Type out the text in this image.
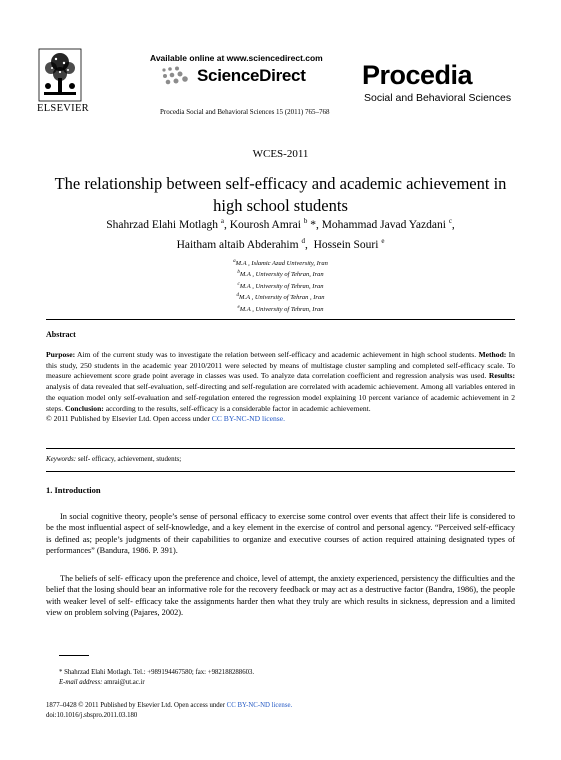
Available online at www.sciencedirect.com
ScienceDirect
ELSEVIER	Procedia Social and Behavioral Sciences 15 (2011) 765–768
Procedia
Social and Behavioral Sciences
WCES-2011
The relationship between self-efficacy and academic achievement in
high school students
Shahrzad Elahi Motlagh $^a$, Kourosh Amrai $^b$ *, Mohammad Javad Yazdani $^c$,
Haitham altaib Abderahim $^d$,  Hossein Souri $^e$
$^a$M.A , Islamic Azad University, Iran
$^b$M.A , University of Tehran, Iran
$^c$M.A , University of Tehran, Iran
$^d$M.A , University of Tehran , Iran
$^e$M.A , University of Tehran, Iran
Abstract
Purpose: Aim of the current study was to investigate the relation between self-efficacy and academic achievement in high school students. Method: In this study, 250 students in the academic year 2010/2011 were selected by means of multistage cluster sampling and completed self-efficacy scale. To measure achievement score grade point average in classes was used. To analyze data correlation coefficient and regression analysis was used. Results: analysis of data revealed that self-evaluation, self-directing and self-regulation are correlated with academic achievement. Among all variables entered in the equation model only self-evaluation and self-regulation entered the regression model explaining 10 percent variance of academic achievement in 2 steps. Conclusion: according to the results, self-efficacy is a considerable factor in academic achievement.
© 2011 Published by Elsevier Ltd. Open access under CC BY-NC-ND license.
Keywords: self- efficacy, achievement, students;
1. Introduction
In social cognitive theory, people’s sense of personal efficacy to exercise some control over events that affect their life is considered to be the most influential aspect of self-knowledge, and a key element in the exercise of control and personal agency. “Perceived self-efficacy is defined as; people’s judgments of their capabilities to organize and executive courses of action required attaining designated types of performances” (Bandura, 1986. P. 391).
The beliefs of self- efficacy upon the preference and choice, level of attempt, the anxiety experienced, persistency the difficulties and the belief that the losing should bear an informative role for the recovery feedback or may act as a destructive factor (Bandra, 1986), the people with weaker level of self- efficacy take the assignments harder then what they truly are which results in sickness, depression and a limited view on problem solving (Pajares, 2002).
* Shahrzad Elahi Motlagh. Tel.: +989194467580; fax: +982188288603.
E-mail address: amrai@ut.ac.ir
1877–0428 © 2011 Published by Elsevier Ltd. Open access under CC BY-NC-ND license.
doi:10.1016/j.sbspro.2011.03.180
